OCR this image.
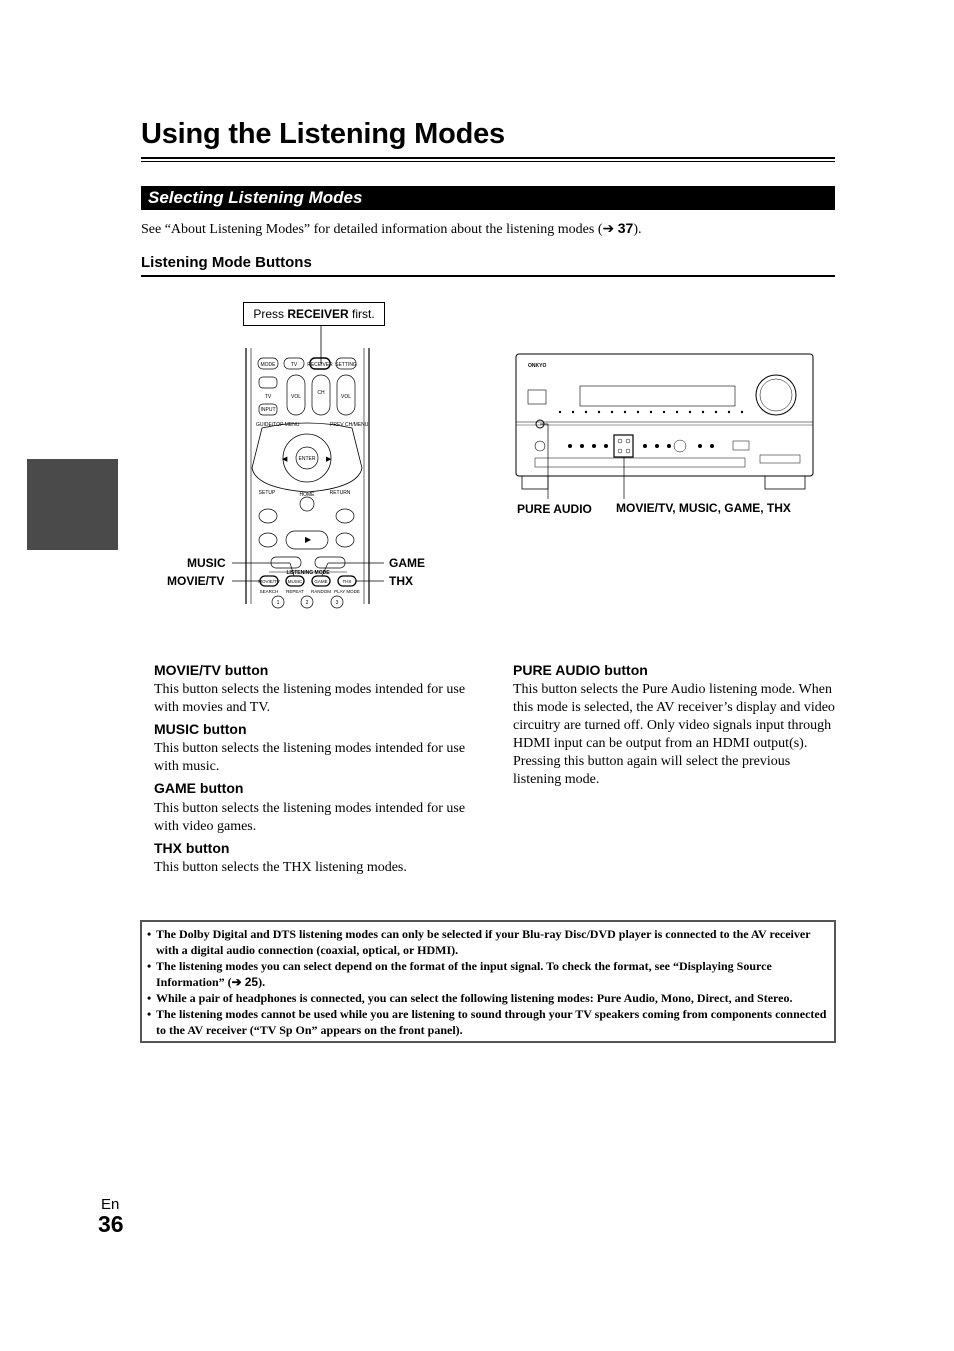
Using the Listening Modes
Selecting Listening Modes
See “About Listening Modes” for detailed information about the listening modes (➔ 37).
Listening Mode Buttons
Press RECEIVER first.
MODE	TV RECEIVER SETTING
TV
INPUT
VOL
CH
VOL
GUIDE/TOP MENU	PREV CH/MENU
ENTER
SETUP	HOME	RETURN
LISTENING MODE
MOVIE/TV MUSIC	GAME	THX
SEARCH REPEAT RANDOM PLAY MODE
1	2	3
▶
◀	▶
MUSIC
MOVIE/TV
GAME
THX
ONKYO
PURE AUDIO MOVIE/TV, MUSIC, GAME, THX
MOVIE/TV button
This button selects the listening modes intended for use with movies and TV.
MUSIC button
This button selects the listening modes intended for use with music.
GAME button
This button selects the listening modes intended for use with video games.
THX button
This button selects the THX listening modes.
PURE AUDIO button
This button selects the Pure Audio listening mode. When this mode is selected, the AV receiver’s display and video circuitry are turned off. Only video signals input through HDMI input can be output from an HDMI output(s). Pressing this button again will select the previous listening mode.
• The Dolby Digital and DTS listening modes can only be selected if your Blu-ray Disc/DVD player is connected to the AV receiver with a digital audio connection (coaxial, optical, or HDMI).
• The listening modes you can select depend on the format of the input signal. To check the format, see “Displaying Source Information” (➔ 25).
• While a pair of headphones is connected, you can select the following listening modes: Pure Audio, Mono, Direct, and Stereo.
• The listening modes cannot be used while you are listening to sound through your TV speakers coming from components connected to the AV receiver (“TV Sp On” appears on the front panel).
En
36
